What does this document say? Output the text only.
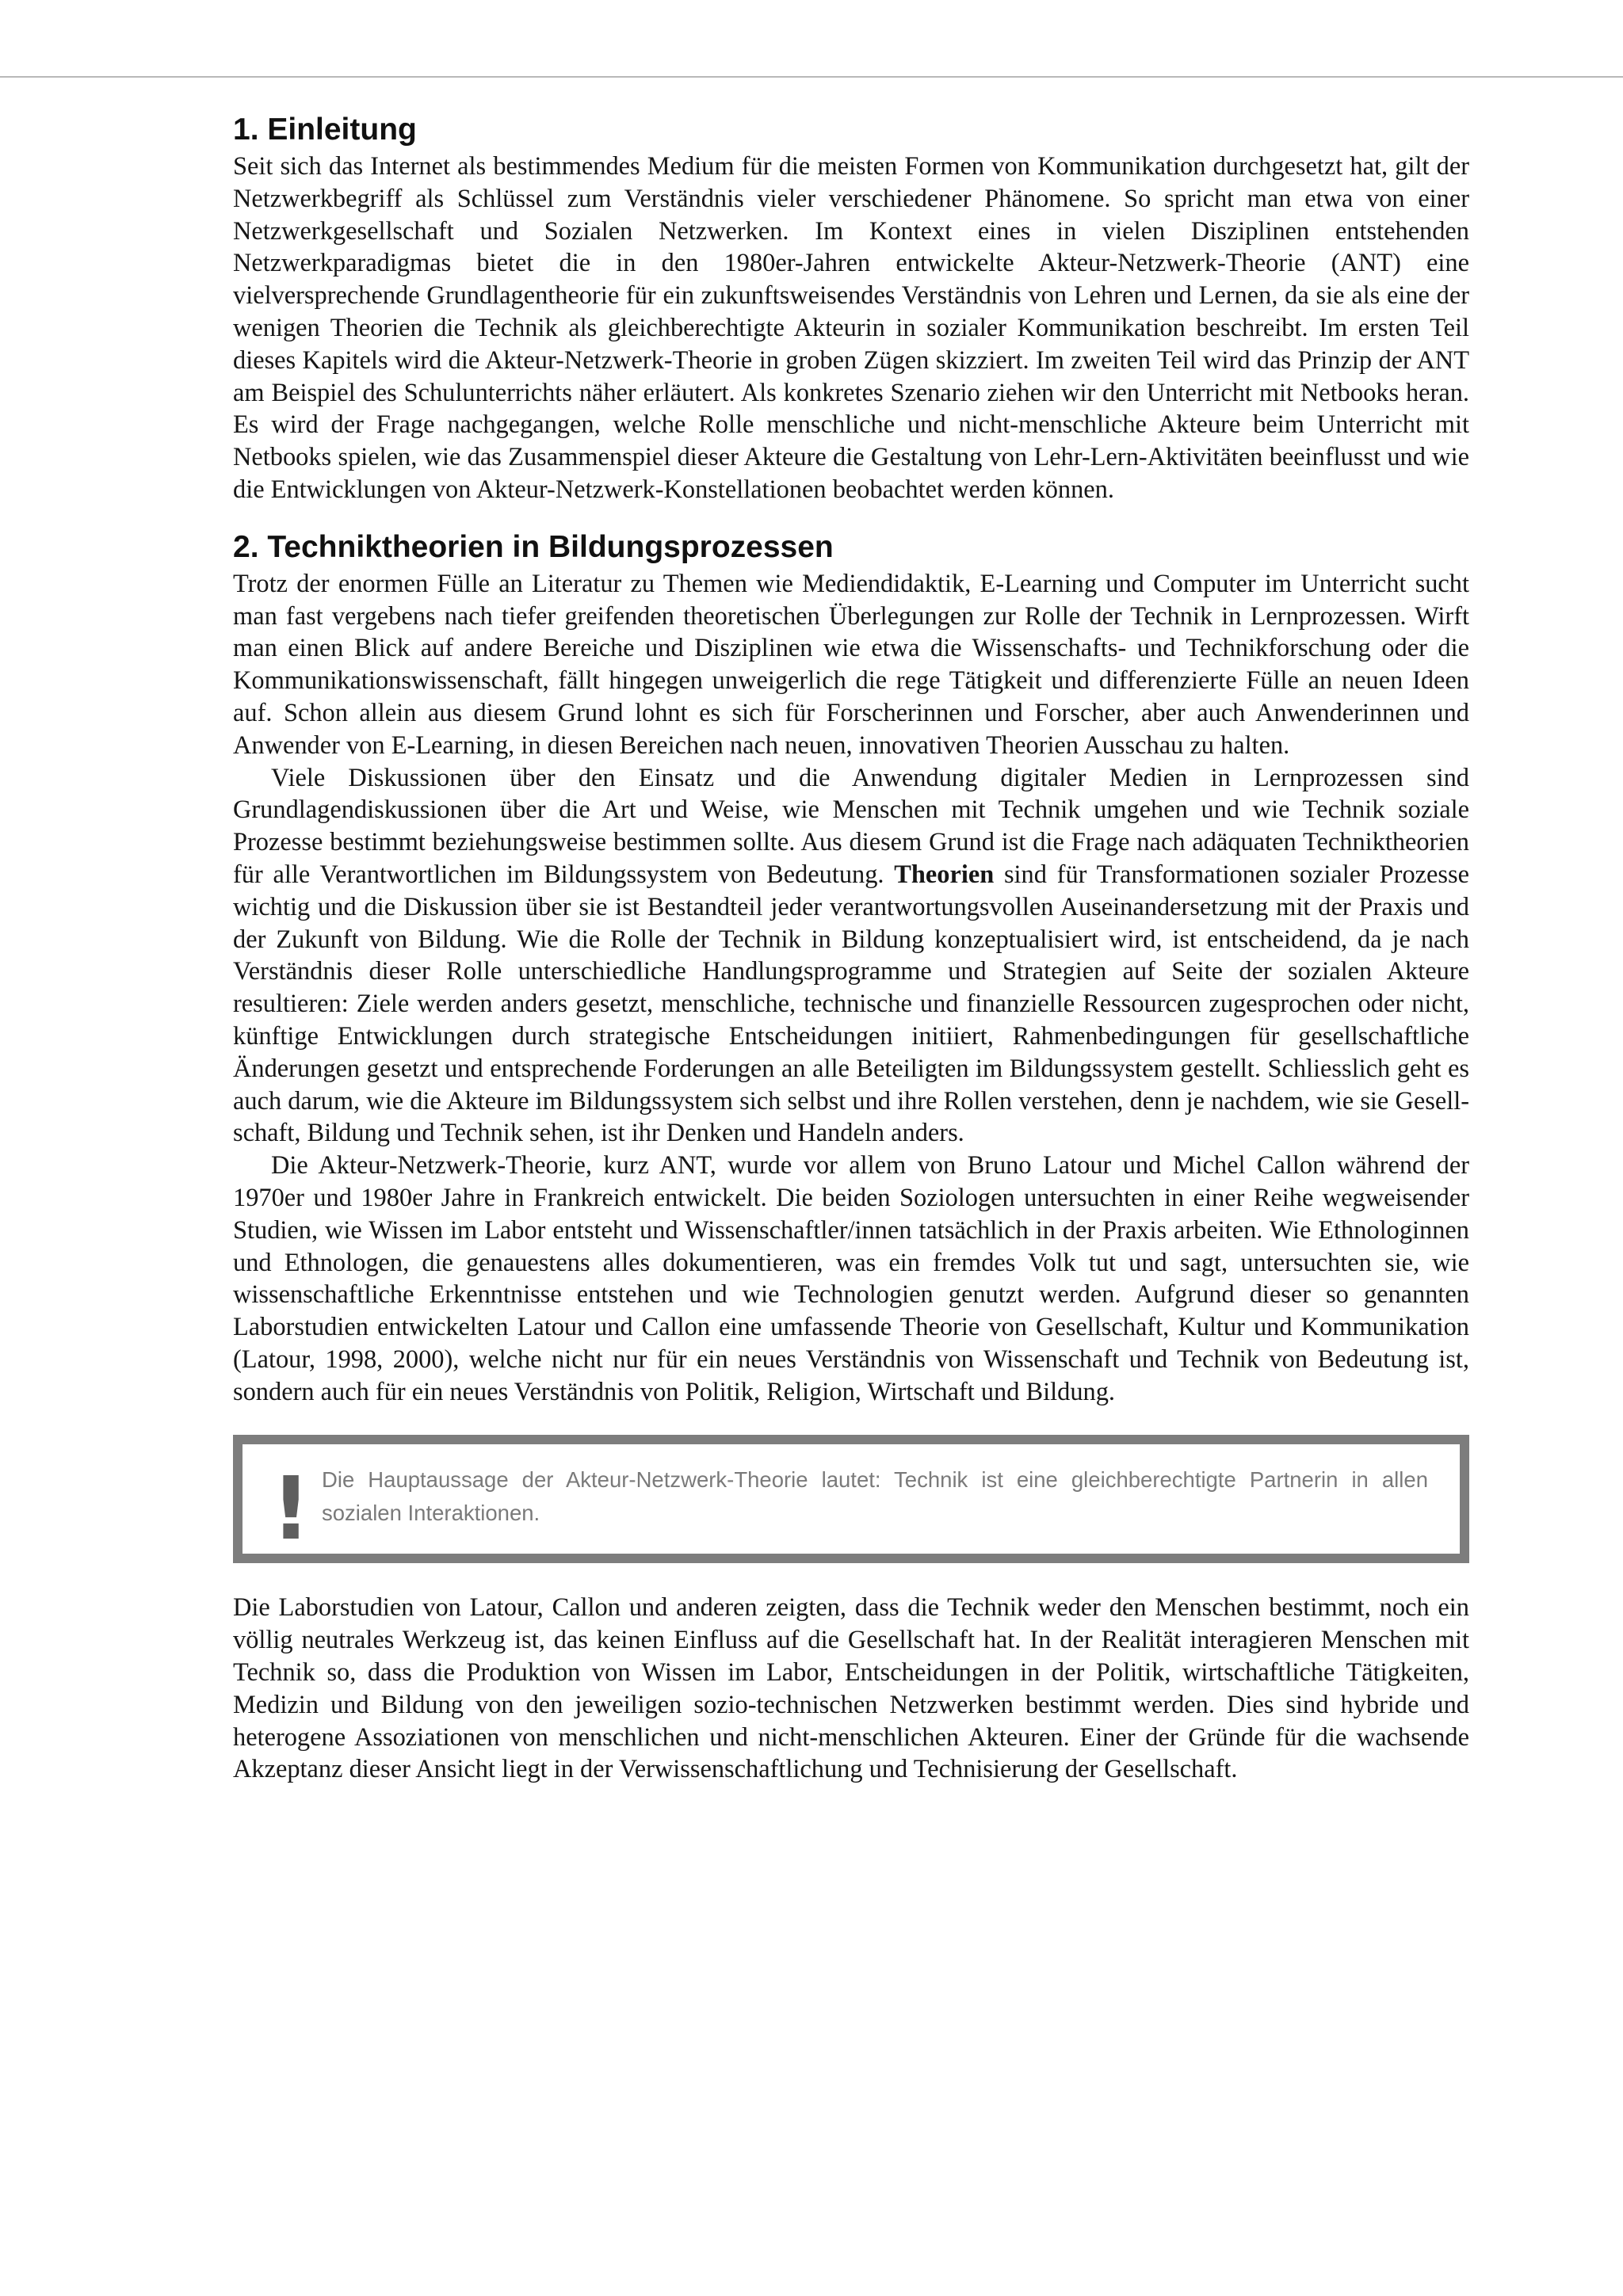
1. Einleitung

Seit sich das Internet als bestimmendes Medium für die meisten Formen von Kommunikation durchgesetzt hat, gilt der Netzwerkbegriff als Schlüssel zum Verständnis vieler verschiedener Phänomene. So spricht man etwa von einer Netzwerkgesellschaft und Sozialen Netzwerken. Im Kontext eines in vielen Disziplinen entstehenden Netzwerkparadigmas bietet die in den 1980er-Jahren entwickelte Akteur-Netzwerk-Theorie (ANT) eine vielversprechende Grundlagentheorie für ein zukunftsweisendes Verständnis von Lehren und Lernen, da sie als eine der wenigen Theorien die Technik als gleichberechtigte Akteurin in sozialer Kommunikation beschreibt. Im ersten Teil dieses Kapitels wird die Akteur-Netzwerk-Theorie in groben Zügen skizziert. Im zweiten Teil wird das Prinzip der ANT am Beispiel des Schulunterrichts näher erläutert. Als konkretes Szenario ziehen wir den Unterricht mit Netbooks heran. Es wird der Frage nachgegangen, welche Rolle menschliche und nicht-menschliche Akteure beim Unterricht mit Netbooks spielen, wie das Zusammenspiel dieser Akteure die Gestaltung von Lehr-Lern-Aktivitäten beeinflusst und wie die Entwicklungen von Akteur-Netzwerk-Konstellationen beobachtet werden können.

2. Techniktheorien in Bildungsprozessen

Trotz der enormen Fülle an Literatur zu Themen wie Mediendidaktik, E-Learning und Computer im Unterricht sucht man fast vergebens nach tiefer greifenden theoretischen Überlegungen zur Rolle der Technik in Lernprozessen. Wirft man einen Blick auf andere Bereiche und Disziplinen wie etwa die Wissenschafts- und Technikforschung oder die Kommunikationswissenschaft, fällt hingegen unweigerlich die rege Tätigkeit und differenzierte Fülle an neuen Ideen auf. Schon allein aus diesem Grund lohnt es sich für Forscherinnen und Forscher, aber auch Anwenderinnen und Anwender von E-Learning, in diesen Bereichen nach neuen, innovativen Theorien Ausschau zu halten.

Viele Diskussionen über den Einsatz und die Anwendung digitaler Medien in Lernprozessen sind Grundlagendiskussionen über die Art und Weise, wie Menschen mit Technik umgehen und wie Technik soziale Prozesse bestimmt beziehungsweise bestimmen sollte. Aus diesem Grund ist die Frage nach adäquaten Techniktheorien für alle Verantwortlichen im Bildungssystem von Bedeutung. Theorien sind für Transformationen sozialer Prozesse wichtig und die Diskussion über sie ist Bestandteil jeder verantwortungsvollen Auseinandersetzung mit der Praxis und der Zukunft von Bildung. Wie die Rolle der Technik in Bildung konzeptualisiert wird, ist entscheidend, da je nach Verständnis dieser Rolle unterschiedliche Handlungsprogramme und Strategien auf Seite der sozialen Akteure resultieren: Ziele werden anders gesetzt, menschliche, technische und finanzielle Ressourcen zugesprochen oder nicht, künftige Entwicklungen durch strategische Entscheidungen initiiert, Rahmenbedingungen für gesellschaftliche Änderungen gesetzt und entsprechende Forderungen an alle Beteiligten im Bildungssystem gestellt. Schliesslich geht es auch darum, wie die Akteure im Bildungssystem sich selbst und ihre Rollen verstehen, denn je nachdem, wie sie Gesellschaft, Bildung und Technik sehen, ist ihr Denken und Handeln anders.

Die Akteur-Netzwerk-Theorie, kurz ANT, wurde vor allem von Bruno Latour und Michel Callon während der 1970er und 1980er Jahre in Frankreich entwickelt. Die beiden Soziologen untersuchten in einer Reihe wegweisender Studien, wie Wissen im Labor entsteht und Wissenschaftler/innen tatsächlich in der Praxis arbeiten. Wie Ethnologinnen und Ethnologen, die genauestens alles dokumentieren, was ein fremdes Volk tut und sagt, untersuchten sie, wie wissenschaftliche Erkenntnisse entstehen und wie Technologien genutzt werden. Aufgrund dieser so genannten Laborstudien entwickelten Latour und Callon eine umfassende Theorie von Gesellschaft, Kultur und Kommunikation (Latour, 1998, 2000), welche nicht nur für ein neues Verständnis von Wissenschaft und Technik von Bedeutung ist, sondern auch für ein neues Verständnis von Politik, Religion, Wirtschaft und Bildung.

! Die Hauptaussage der Akteur-Netzwerk-Theorie lautet: Technik ist eine gleichberechtigte Partnerin in allen sozialen Interaktionen.

Die Laborstudien von Latour, Callon und anderen zeigten, dass die Technik weder den Menschen bestimmt, noch ein völlig neutrales Werkzeug ist, das keinen Einfluss auf die Gesellschaft hat. In der Realität interagieren Menschen mit Technik so, dass die Produktion von Wissen im Labor, Entscheidungen in der Politik, wirtschaftliche Tätigkeiten, Medizin und Bildung von den jeweiligen sozio-technischen Netzwerken bestimmt werden. Dies sind hybride und heterogene Assoziationen von menschlichen und nicht-menschlichen Akteuren. Einer der Gründe für die wachsende Akzeptanz dieser Ansicht liegt in der Verwissenschaftlichung und Technisierung der Gesellschaft.
